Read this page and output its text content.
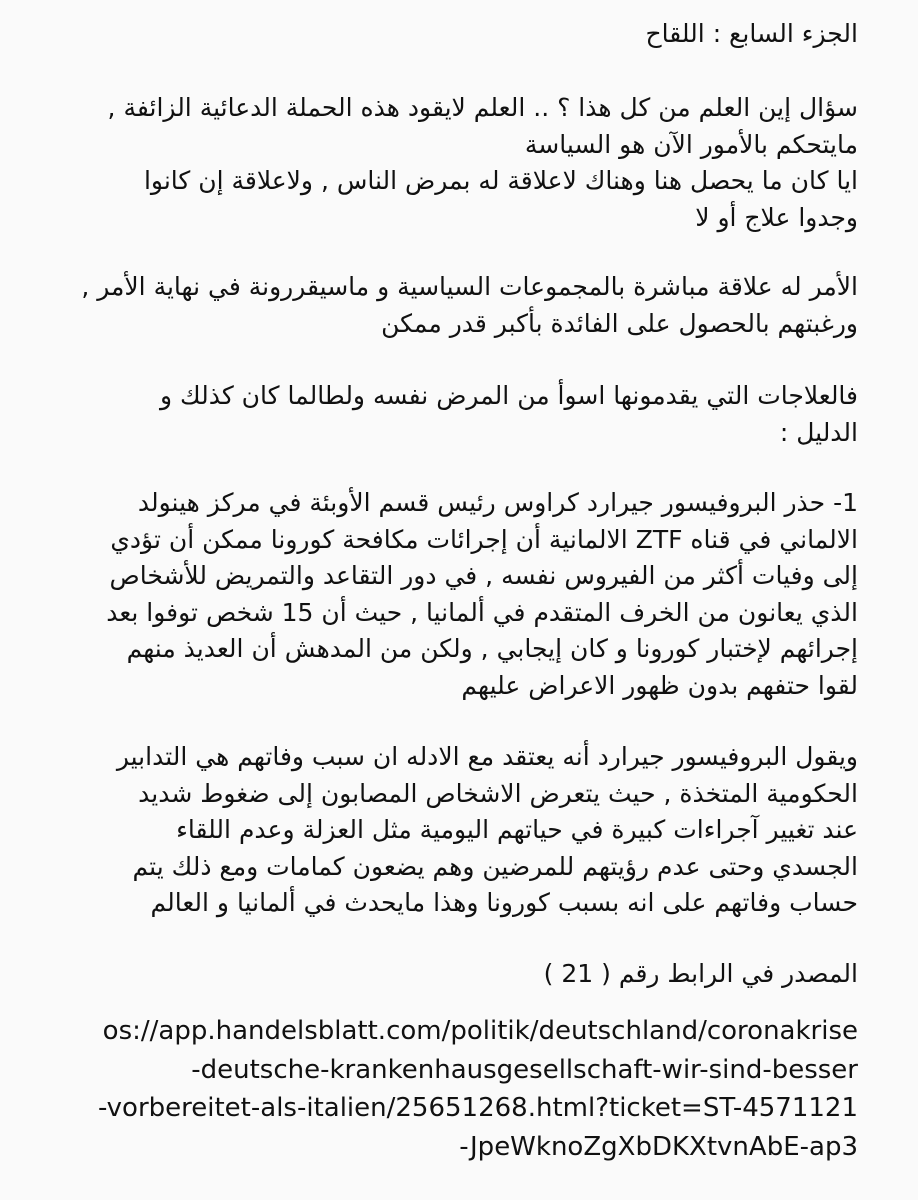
الجزء السابع : اللقاح

سؤال إين العلم من كل هذا ؟ .. العلم لايقود هذه الحملة الدعائية الزائفة ,
مايتحكم بالأمور الآن هو السياسة
ايا كان ما يحصل هنا وهناك لاعلاقة له بمرض الناس , ولاعلاقة إن كانوا
وجدوا علاج أو لا

الأمر له علاقة مباشرة بالمجموعات السياسية و ماسيقررونة في نهاية الأمر ,
ورغبتهم بالحصول على الفائدة بأكبر قدر ممكن

فالعلاجات التي يقدمونها اسوأ من المرض نفسه ولطالما كان كذلك و
الدليل :

1- حذر البروفيسور جيرارد كراوس رئيس قسم الأوبئة في مركز هينولد
الالماني في قناه ZTF الالمانية أن إجرائات مكافحة كورونا ممكن أن تؤدي
إلى وفيات أكثر من الفيروس نفسه , في دور التقاعد والتمريض للأشخاص
الذي يعانون من الخرف المتقدم في ألمانيا , حيث أن 15 شخص توفوا بعد
إجرائهم لإختبار كورونا و كان إيجابي , ولكن من المدهش أن العديذ منهم
لقوا حتفهم بدون ظهور الاعراض عليهم

ويقول البروفيسور جيرارد أنه يعتقد مع الادله ان سبب وفاتهم هي التدابير
الحكومية المتخذة , حيث يتعرض الاشخاص المصابون إلى ضغوط شديد
عند تغيير آجراءات كبيرة في حياتهم اليومية مثل العزلة وعدم اللقاء
الجسدي وحتى عدم رؤيتهم للمرضين وهم يضعون كمامات ومع ذلك يتم
حساب وفاتهم على انه بسبب كورونا وهذا مايحدث في ألمانيا و العالم

المصدر في الرابط رقم ( 21 )

os://app.handelsblatt.com/politik/deutschland/coronakrise
-deutsche-krankenhausgesellschaft-wir-sind-besser
-vorbereitet-als-italien/25651268.html?ticket=ST-4571121
-JpeWknoZgXbDKXtvnAbE-ap3
